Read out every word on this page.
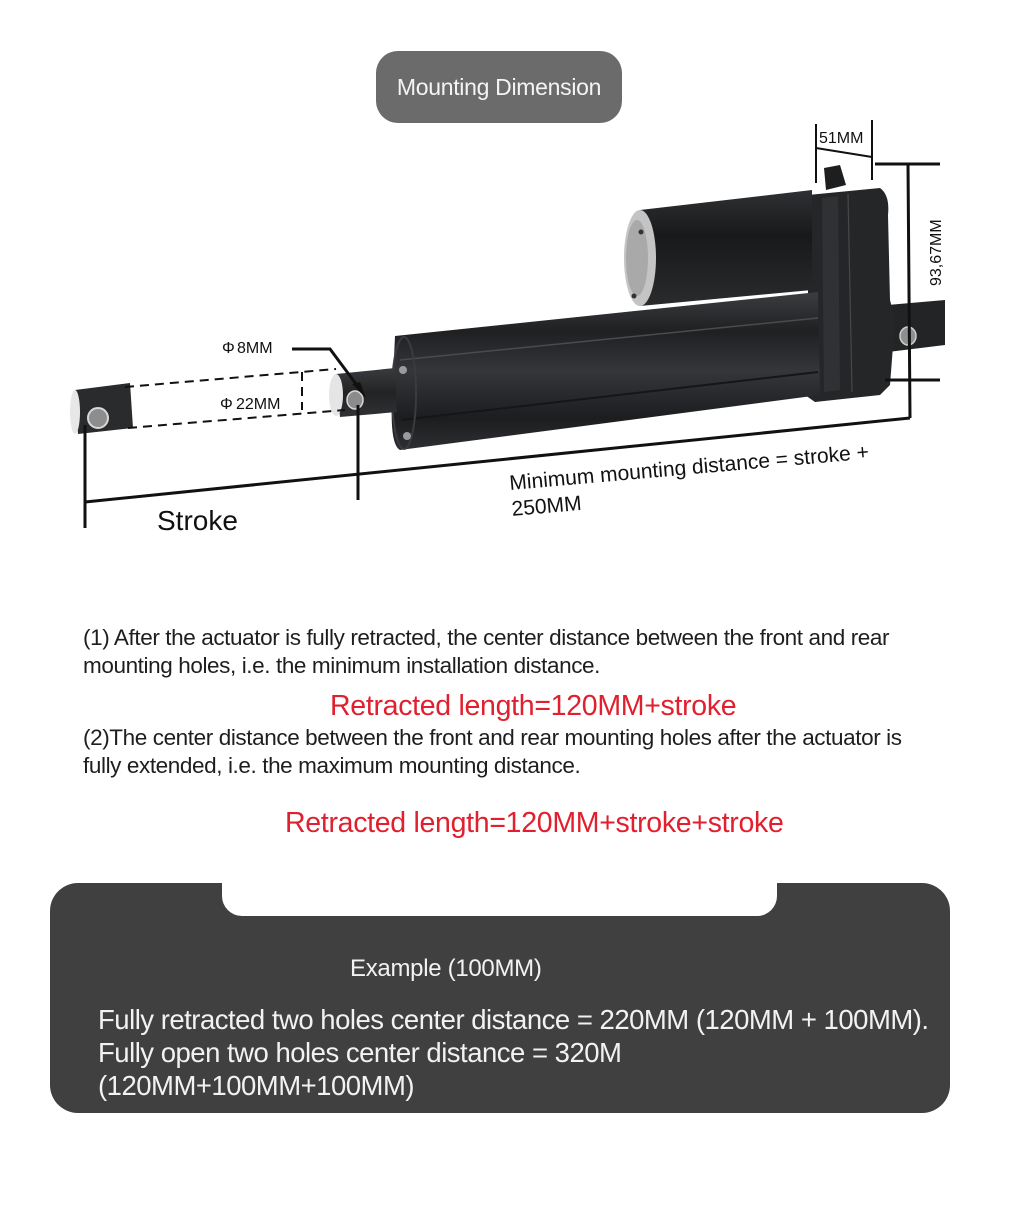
Mounting Dimension
51MM
93,67MM
Φ 8MM
Φ 22MM
Stroke
Minimum mounting distance = stroke +
250MM
(1) After the actuator is fully retracted, the center distance between the front and rear mounting holes, i.e. the minimum installation distance.
Retracted length=120MM+stroke
(2)The center distance between the front and rear mounting holes after the actuator is fully extended, i.e. the maximum mounting distance.
Retracted length=120MM+stroke+stroke
Example (100MM)
Fully retracted two holes center distance = 220MM (120MM + 100MM). Fully open two holes center distance = 320M (120MM+100MM+100MM)
